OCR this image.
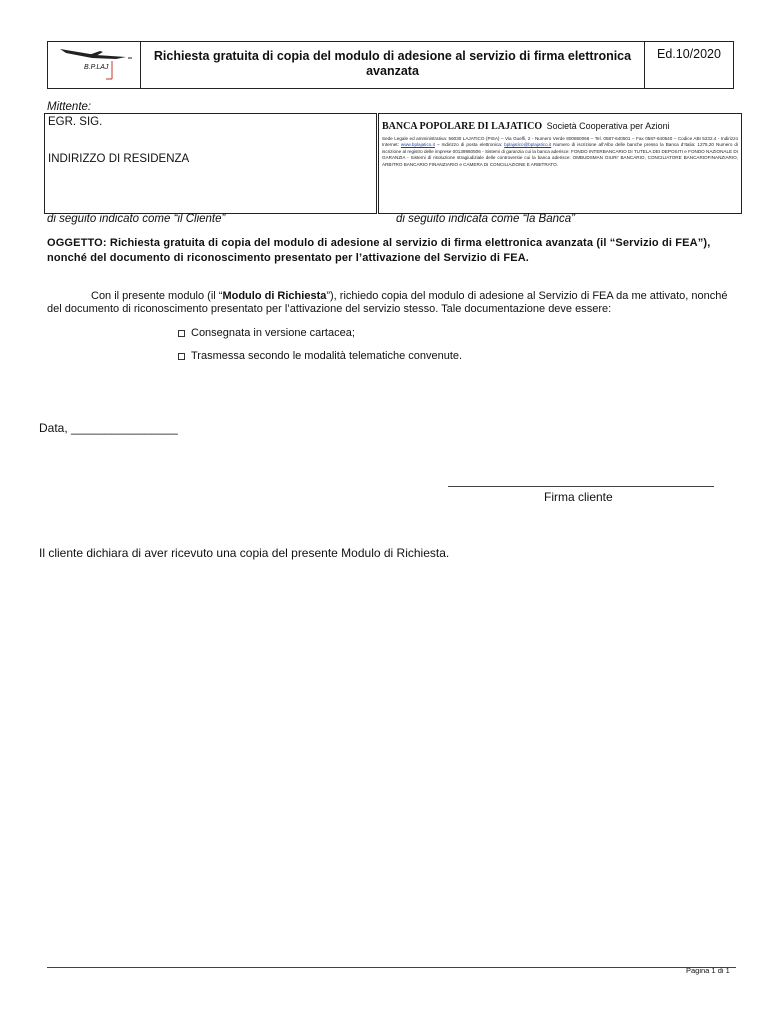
B.P.LAJ
Richiesta gratuita di copia del modulo di adesione al servizio di firma elettronica avanzata
Ed.10/2020
Mittente:
EGR. SIG.
INDIRIZZO DI RESIDENZA
BANCA POPOLARE DI LAJATICO Società Cooperativa per Azioni
Sede Legale ed amministrativa: 56030 LAJATICO (PISA) – Via Guelfi, 2 - Numero Verde 800860066 – Tel. 0587-640501 – Fax 0587-640540 – Codice ABI 5232.4 - Indirizzo Internet: www.bplajatico.it – Indirizzo di posta elettronica: bplajatico@bplajatico.it Numero di iscrizione all’Albo delle banche presso la Banca d’Italia: 1275.20 Numero di iscrizione al registro delle imprese 00139860506 - Sistemi di garanzia cui la banca aderisce: FONDO INTERBANCARIO DI TUTELA DEI DEPOSITI e FONDO NAZIONALE DI GARANZIA - Sistemi di risoluzione stragiudiziale delle controversie cui la banca aderisce: OMBUDSMAN GIURI’ BANCARIO, CONCILIATORE BANCARIOFINANZIARIO, ARBITRO BANCARIO FINANZIARIO e CAMERA DI CONCILIAZIONE E ARBITRATO.
di seguito indicato come “il Cliente”	di seguito indicata come “la Banca”
OGGETTO: Richiesta gratuita di copia del modulo di adesione al servizio di firma elettronica avanzata (il “Servizio di FEA”), nonché del documento di riconoscimento presentato per l’attivazione del Servizio di FEA.
Con il presente modulo (il “Modulo di Richiesta”), richiedo copia del modulo di adesione al Servizio di FEA da me attivato, nonché del documento di riconoscimento presentato per l’attivazione del servizio stesso. Tale documentazione deve essere:
Consegnata in versione cartacea;
Trasmessa secondo le modalità telematiche convenute.
Data, ________________
Firma cliente
Il cliente dichiara di aver ricevuto una copia del presente Modulo di Richiesta.
Pagina 1 di 1
